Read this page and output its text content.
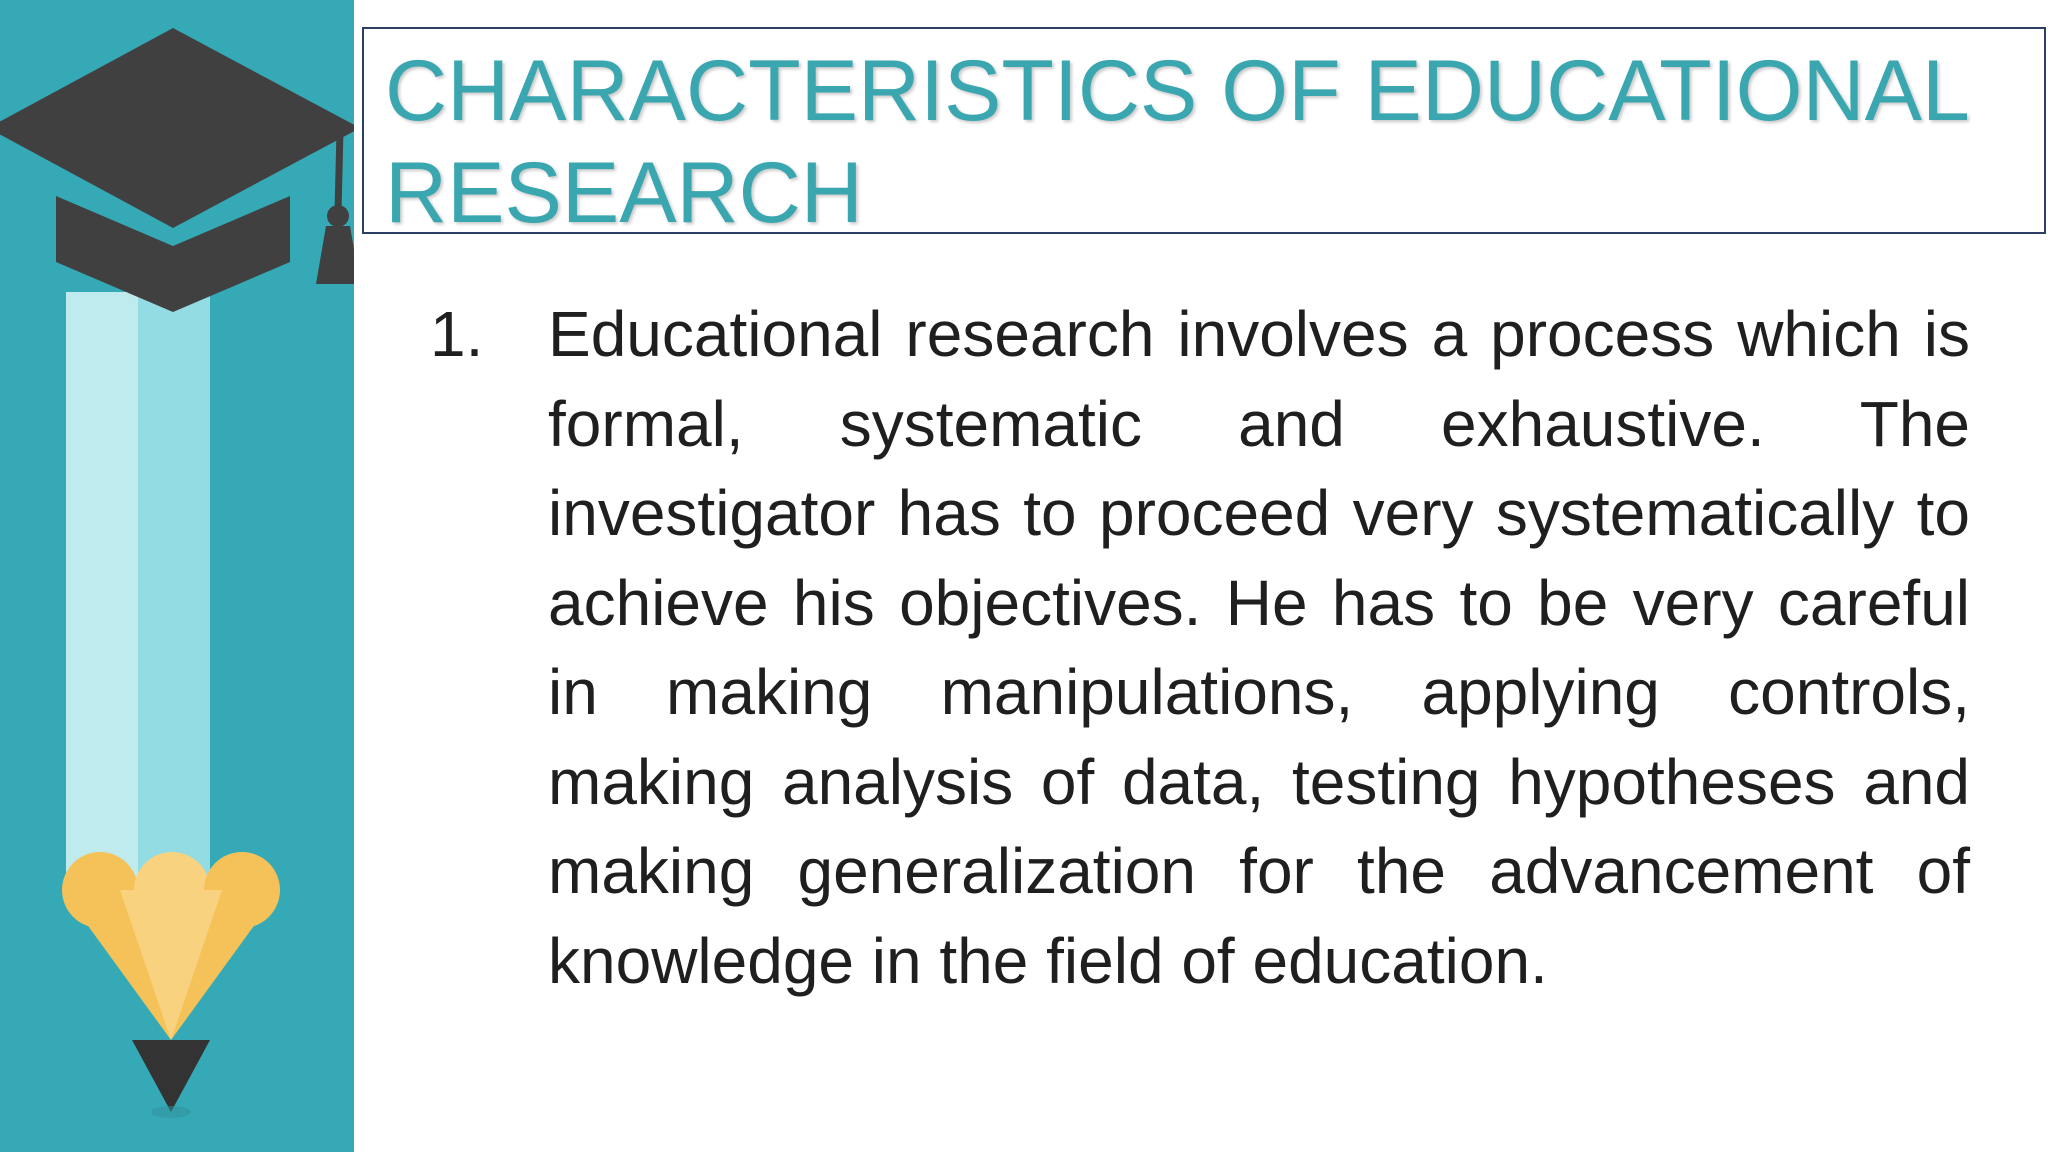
CHARACTERISTICS OF EDUCATIONAL RESEARCH
1. Educational research involves a process which is formal, systematic and exhaustive. The investigator has to proceed very systematically to achieve his objectives. He has to be very careful in making manipulations, applying controls, making analysis of data, testing hypotheses and making generalization for the advancement of knowledge in the field of education.
